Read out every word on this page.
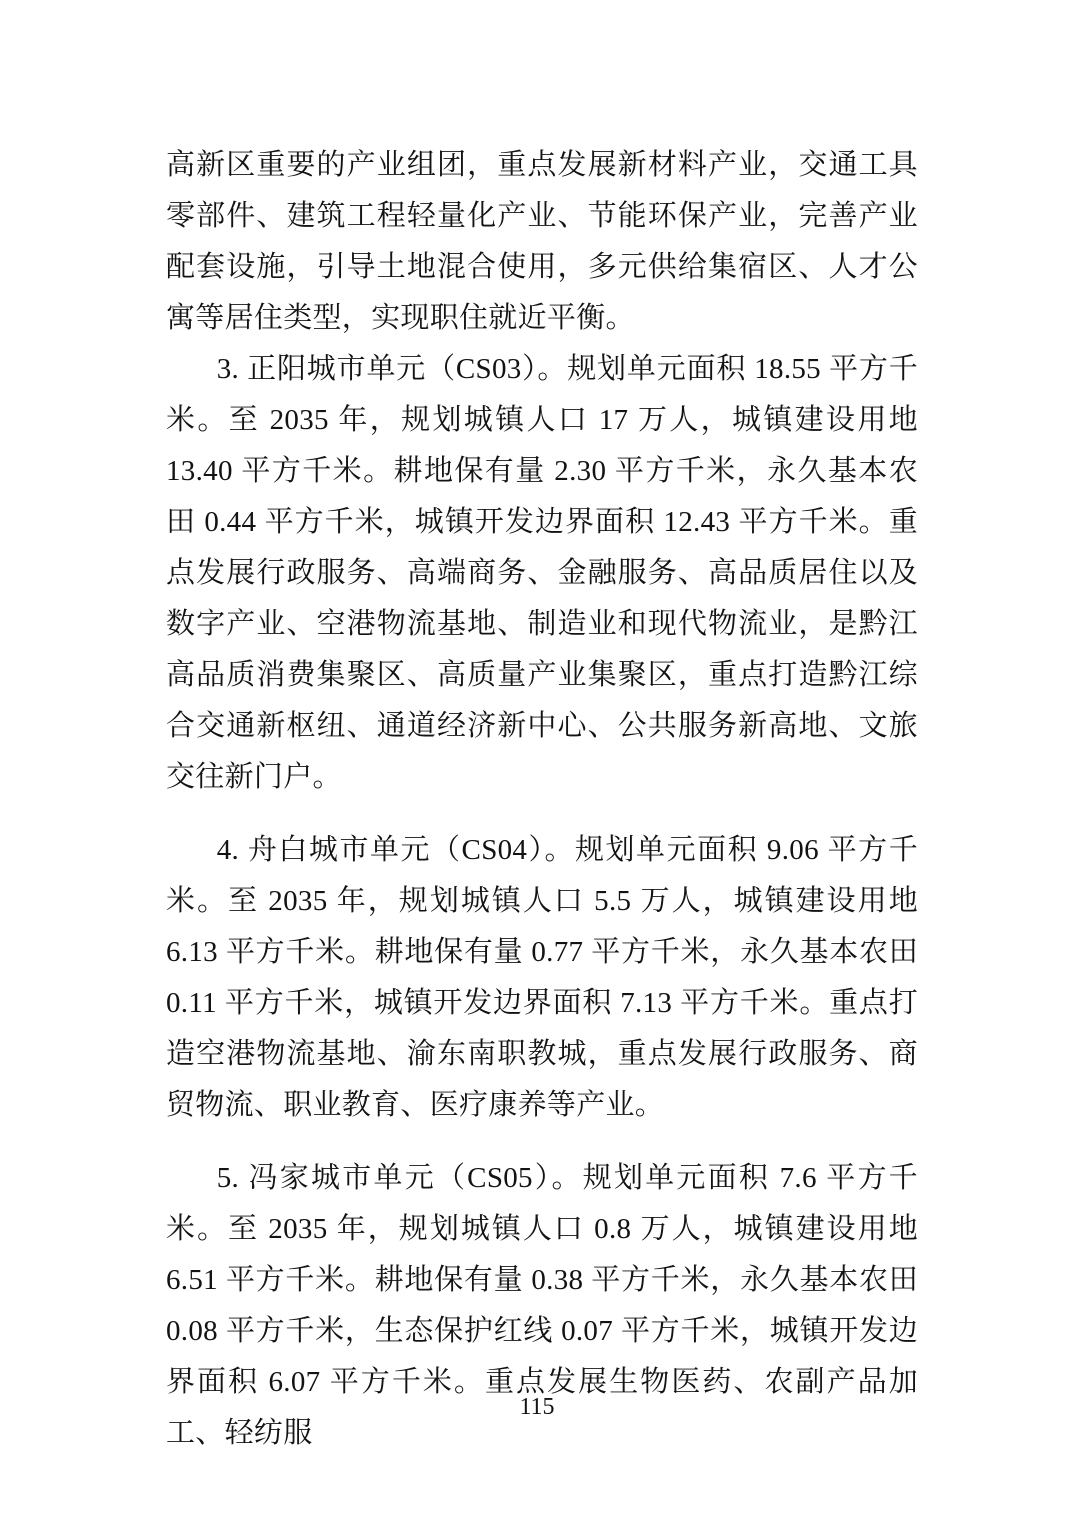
高新区重要的产业组团，重点发展新材料产业，交通工具零部件、建筑工程轻量化产业、节能环保产业，完善产业配套设施，引导土地混合使用，多元供给集宿区、人才公寓等居住类型，实现职住就近平衡。

3. 正阳城市单元（CS03）。规划单元面积 18.55 平方千米。至 2035 年，规划城镇人口 17 万人，城镇建设用地 13.40 平方千米。耕地保有量 2.30 平方千米，永久基本农田 0.44 平方千米，城镇开发边界面积 12.43 平方千米。重点发展行政服务、高端商务、金融服务、高品质居住以及数字产业、空港物流基地、制造业和现代物流业，是黔江高品质消费集聚区、高质量产业集聚区，重点打造黔江综合交通新枢纽、通道经济新中心、公共服务新高地、文旅交往新门户。

4. 舟白城市单元（CS04）。规划单元面积 9.06 平方千米。至 2035 年，规划城镇人口 5.5 万人，城镇建设用地 6.13 平方千米。耕地保有量 0.77 平方千米，永久基本农田 0.11 平方千米，城镇开发边界面积 7.13 平方千米。重点打造空港物流基地、渝东南职教城，重点发展行政服务、商贸物流、职业教育、医疗康养等产业。

5. 冯家城市单元（CS05）。规划单元面积 7.6 平方千米。至 2035 年，规划城镇人口 0.8 万人，城镇建设用地 6.51 平方千米。耕地保有量 0.38 平方千米，永久基本农田 0.08 平方千米，生态保护红线 0.07 平方千米，城镇开发边界面积 6.07 平方千米。重点发展生物医药、农副产品加工、轻纺服

115
